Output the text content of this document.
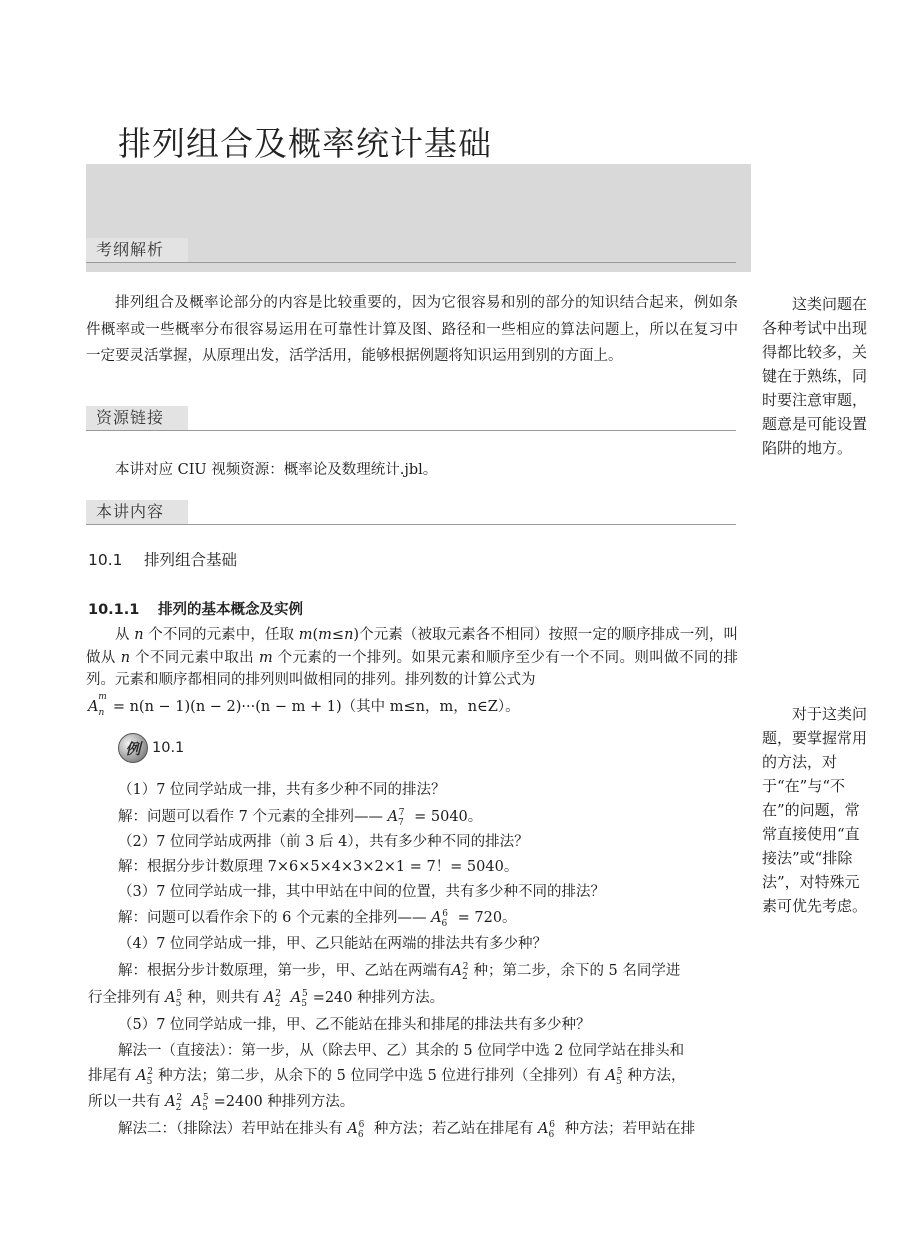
排列组合及概率统计基础
考纲解析

排列组合及概率论部分的内容是比较重要的，因为它很容易和别的部分的知识结合起来，例如条件概率或一些概率分布很容易运用在可靠性计算及图、路径和一些相应的算法问题上，所以在复习中一定要灵活掌握，从原理出发，活学活用，能够根据例题将知识运用到别的方面上。

资源链接

本讲对应 CIU 视频资源：概率论及数理统计.jbl。

本讲内容

这类问题在各种考试中出现得都比较多，关键在于熟练，同时要注意审题，题意是可能设置陷阱的地方。

对于这类问题，要掌握常用的方法，对于“在”与“不在”的问题，常常直接使用“直接法”或“排除法”，对特殊元素可优先考虑。

10.1 排列组合基础
10.1.1 排列的基本概念及实例

从 n 个不同的元素中，任取 m(m≤n)个元素（被取元素各不相同）按照一定的顺序排成一列，叫做从 n 个不同元素中取出 m 个元素的一个排列。如果元素和顺序至少有一个不同。则叫做不同的排列。元素和顺序都相同的排列则叫做相同的排列。排列数的计算公式为

$A_n^m= n(n - 1)(n - 2)\cdot\cdot\cdot(n - m + 1)$（其中 m≤n，m，n∈Z）。
例 10.1
（1）7 位同学站成一排，共有多少种不同的排法？
解：问题可以看作 7 个元素的全排列—— $A_7^7 = 5040$。
（2）7 位同学站成两排（前 3 后 4），共有多少种不同的排法？
解：根据分步计数原理 7×6×5×4×3×2×1 = 7！= 5040。
（3）7 位同学站成一排，其中甲站在中间的位置，共有多少种不同的排法？
解：问题可以看作余下的 6 个元素的全排列—— $A_6^6 = 720$。
（4）7 位同学站成一排，甲、乙只能站在两端的排法共有多少种？
解：根据分步计数原理，第一步，甲、乙站在两端有$A_2^2$ 种；第二步，余下的 5 名同学进
行全排列有 $A_5^5$ 种，则共有 $A_2^2$ $A_5^5 =240$ 种排列方法。
（5）7 位同学站成一排，甲、乙不能站在排头和排尾的排法共有多少种？
解法一（直接法）：第一步，从（除去甲、乙）其余的 5 位同学中选 2 位同学站在排头和
排尾有 $A_5^2$ 种方法；第二步，从余下的 5 位同学中选 5 位进行排列（全排列）有 $A_5^5$ 种方法，
所以一共有 $A_2^2$ $A_5^5 =2400$ 种排列方法。
解法二：（排除法）若甲站在排头有 $A_6^6$ 种方法；若乙站在排尾有 $A_6^6$ 种方法；若甲站在排
